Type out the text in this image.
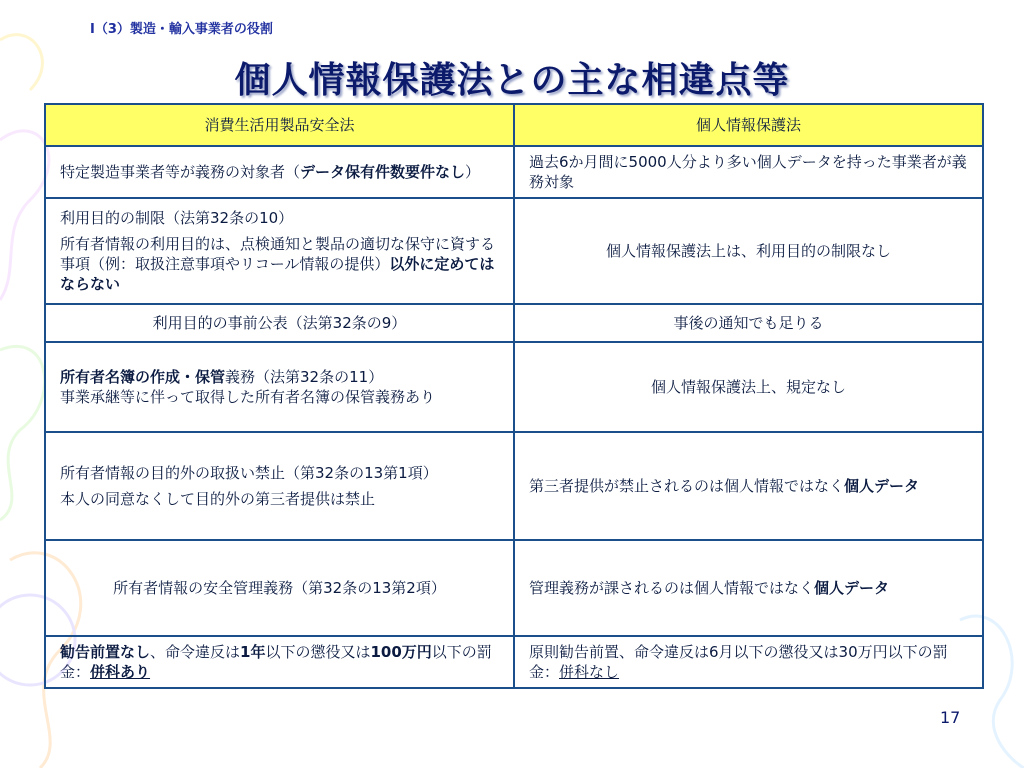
Ⅰ（3）製造・輸入事業者の役割
個人情報保護法との主な相違点等
消費生活用製品安全法	個人情報保護法
特定製造事業者等が義務の対象者（データ保有件数要件なし）	過去6か月間に5000人分より多い個人データを持った事業者が義務対象

利用目的の制限（法第32条の10）
所有者情報の利用目的は、点検通知と製品の適切な保守に資する事項（例：取扱注意事項やリコール情報の提供）以外に定めてはならない	個人情報保護法上は、利用目的の制限なし
利用目的の事前公表（法第32条の9）	事後の通知でも足りる

所有者名簿の作成・保管義務（法第32条の11）
事業承継等に伴って取得した所有者名簿の保管義務あり	個人情報保護法上、規定なし

所有者情報の目的外の取扱い禁止（第32条の13第1項）
本人の同意なくして目的外の第三者提供は禁止	第三者提供が禁止されるのは個人情報ではなく個人データ
所有者情報の安全管理義務（第32条の13第2項）	管理義務が課されるのは個人情報ではなく個人データ
勧告前置なし、命令違反は1年以下の懲役又は100万円以下の罰金：併科あり	原則勧告前置、命令違反は6月以下の懲役又は30万円以下の罰金：併科なし
17
